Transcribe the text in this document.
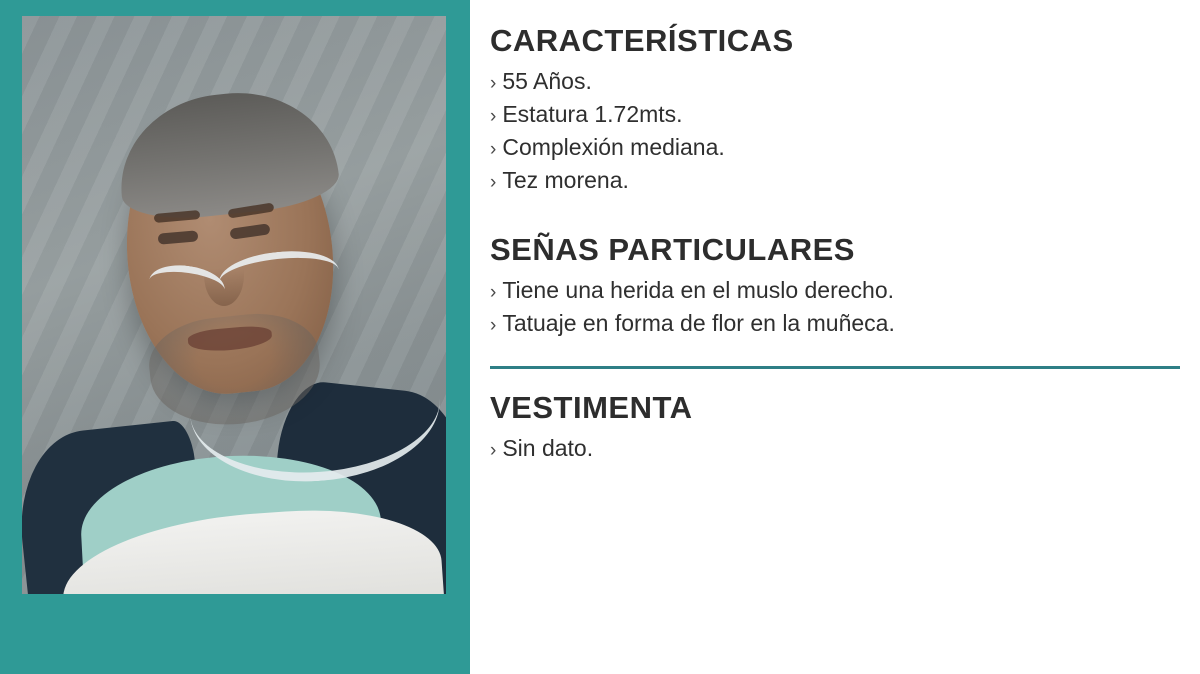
CARACTERÍSTICAS
› 55 Años.
› Estatura 1.72mts.
› Complexión mediana.
› Tez morena.
SEÑAS PARTICULARES
› Tiene una herida en el muslo derecho.
› Tatuaje en forma de flor en la muñeca.
VESTIMENTA
› Sin dato.
